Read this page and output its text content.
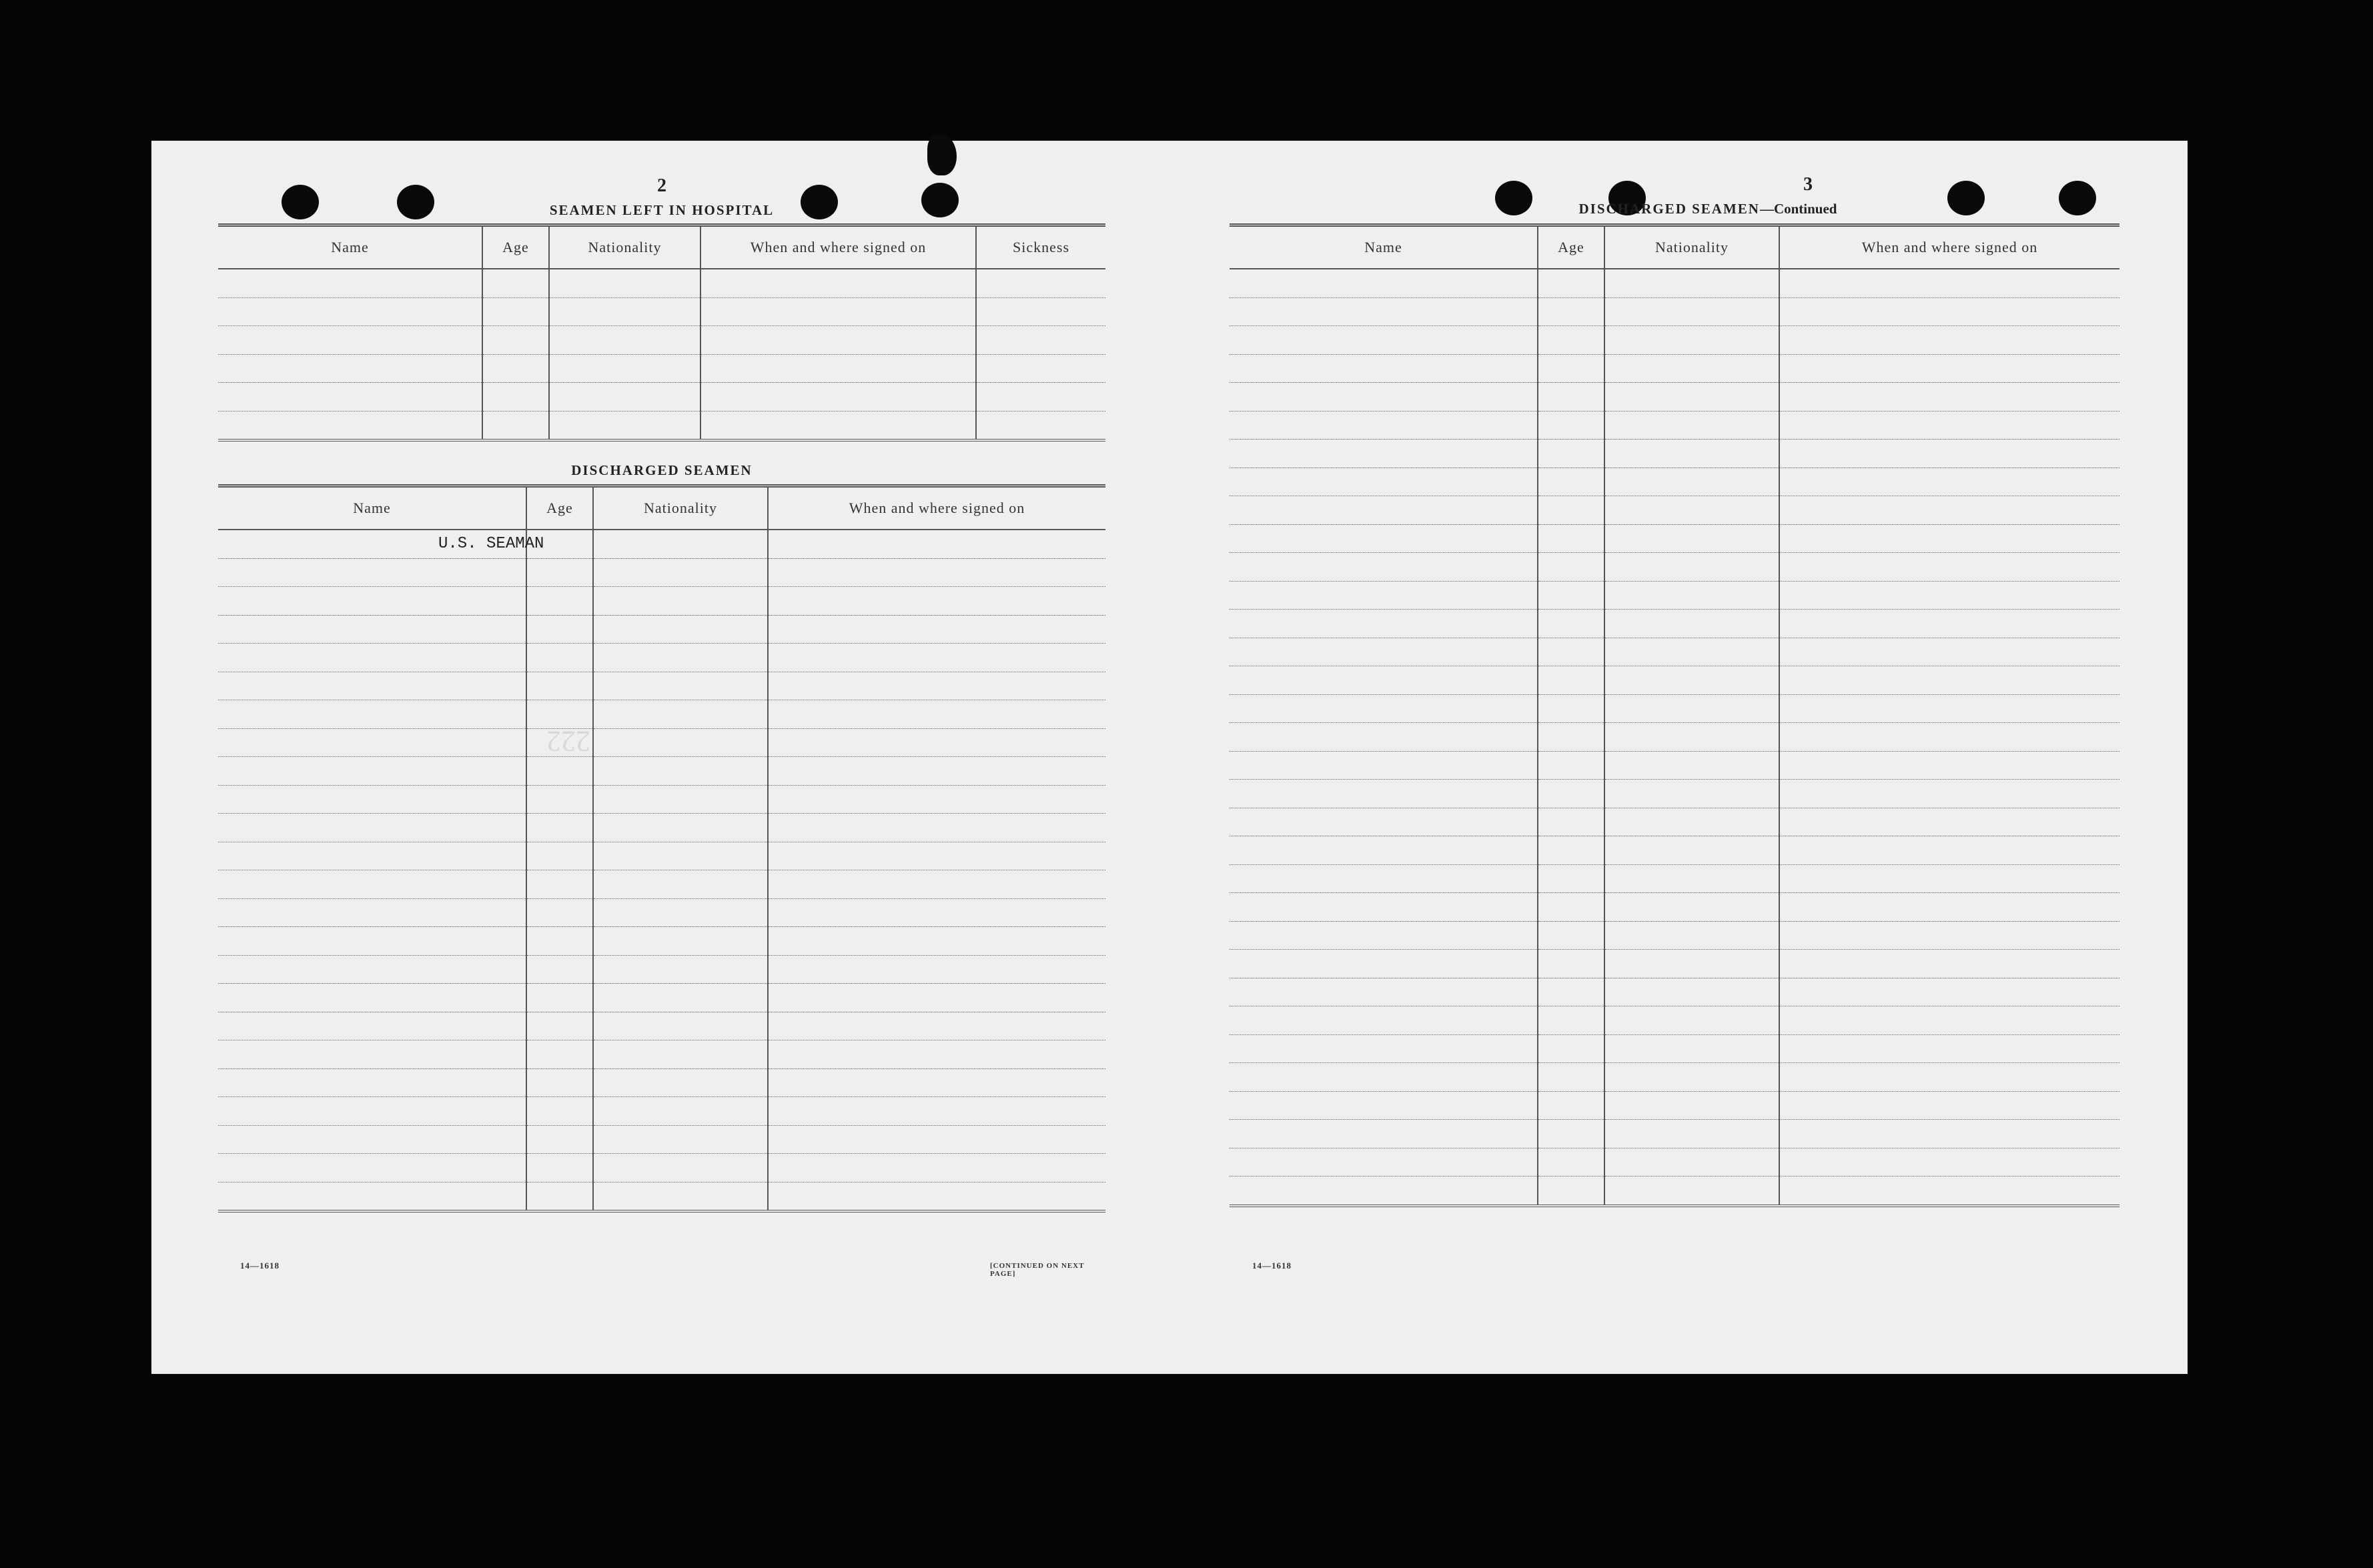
2
SEAMEN LEFT IN HOSPITAL
Name	Age	Nationality	When and where signed on	Sickness

DISCHARGED SEAMEN
Name	Age	Nationality	When and where signed on
U.S. SEAMAN			

222
14—1618	[CONTINUED ON NEXT PAGE]
3
DISCHARGED SEAMEN—Continued
Name	Age	Nationality	When and where signed on

14—1618
